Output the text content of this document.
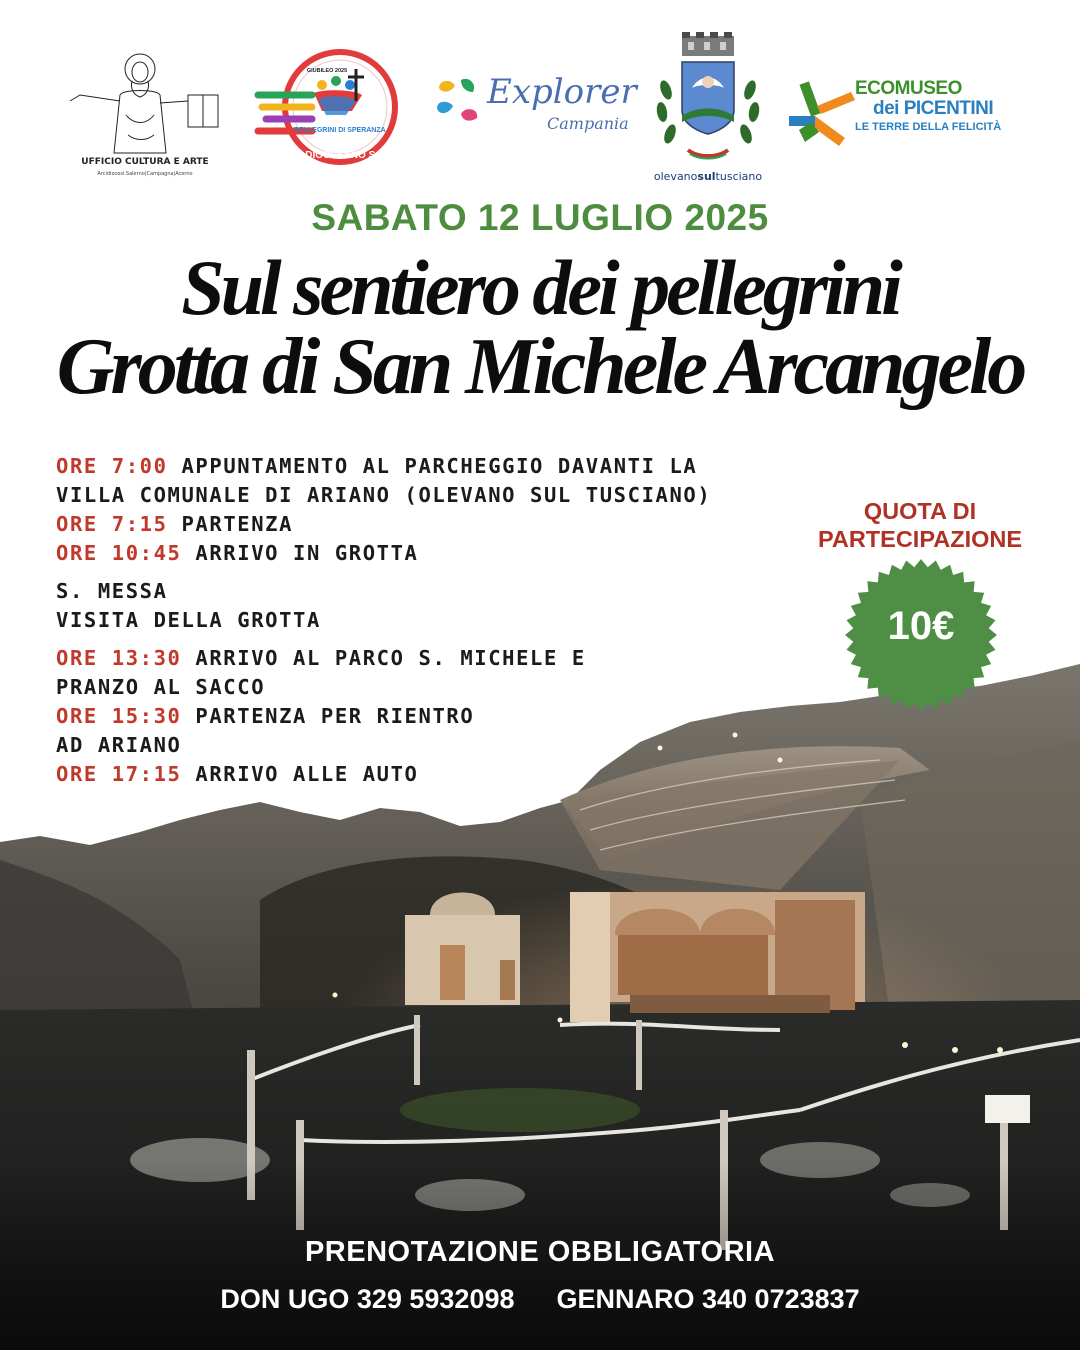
UFFICIO CULTURA E ARTE
Arcidiocesi Salerno|Campagna|Acerno
PELLEGRINI DI SPERANZA
GIUBILEO 2025
Giubileo DIOCESANO SALERNO
Explorer
Campania
olevanosultusciano
ECOMUSEO
dei PICENTINI
LE TERRE DELLA FELICITÀ
SABATO 12 LUGLIO 2025
Sul sentiero dei pellegrini
Grotta di San Michele Arcangelo
ORE 7:00 APPUNTAMENTO AL PARCHEGGIO DAVANTI LA
VILLA COMUNALE DI ARIANO (OLEVANO SUL TUSCIANO)
ORE 7:15 PARTENZA
ORE 10:45 ARRIVO IN GROTTA
S. MESSA
VISITA DELLA GROTTA
ORE 13:30 ARRIVO AL PARCO S. MICHELE E
PRANZO AL SACCO
ORE 15:30 PARTENZA PER RIENTRO
AD ARIANO
ORE 17:15 ARRIVO ALLE AUTO
QUOTA DI
PARTECIPAZIONE
10€
PRENOTAZIONE OBBLIGATORIA
DON UGO 329 5932098 GENNARO 340 0723837
